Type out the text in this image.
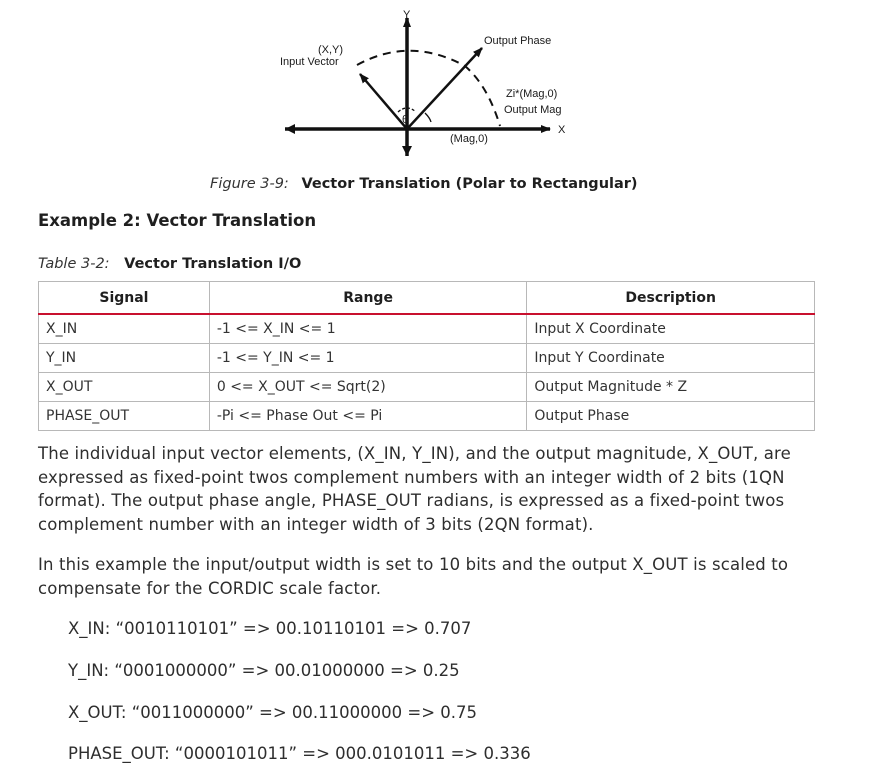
Y
X
(X,Y)
Input Vector
Output Phase
Zi*(Mag,0)
Output Mag
θ
(Mag,0)
Figure 3-9: Vector Translation (Polar to Rectangular)
Example 2: Vector Translation
Table 3-2: Vector Translation I/O
Signal	Range	Description
X_IN	-1 <= X_IN <= 1	Input X Coordinate
Y_IN	-1 <= Y_IN <= 1	Input Y Coordinate
X_OUT	0 <= X_OUT <= Sqrt(2)	Output Magnitude * Z
PHASE_OUT	-Pi <= Phase Out <= Pi	Output Phase

The individual input vector elements, (X_IN, Y_IN), and the output magnitude, X_OUT, are expressed as fixed-point twos complement numbers with an integer width of 2 bits (1QN format). The output phase angle, PHASE_OUT radians, is expressed as a fixed-point twos complement number with an integer width of 3 bits (2QN format).

In this example the input/output width is set to 10 bits and the output X_OUT is scaled to compensate for the CORDIC scale factor.

X_IN: “0010110101” => 00.10110101 => 0.707

Y_IN: “0001000000” => 00.01000000 => 0.25

X_OUT: “0011000000” => 00.11000000 => 0.75

PHASE_OUT: “0000101011” => 000.0101011 => 0.336
